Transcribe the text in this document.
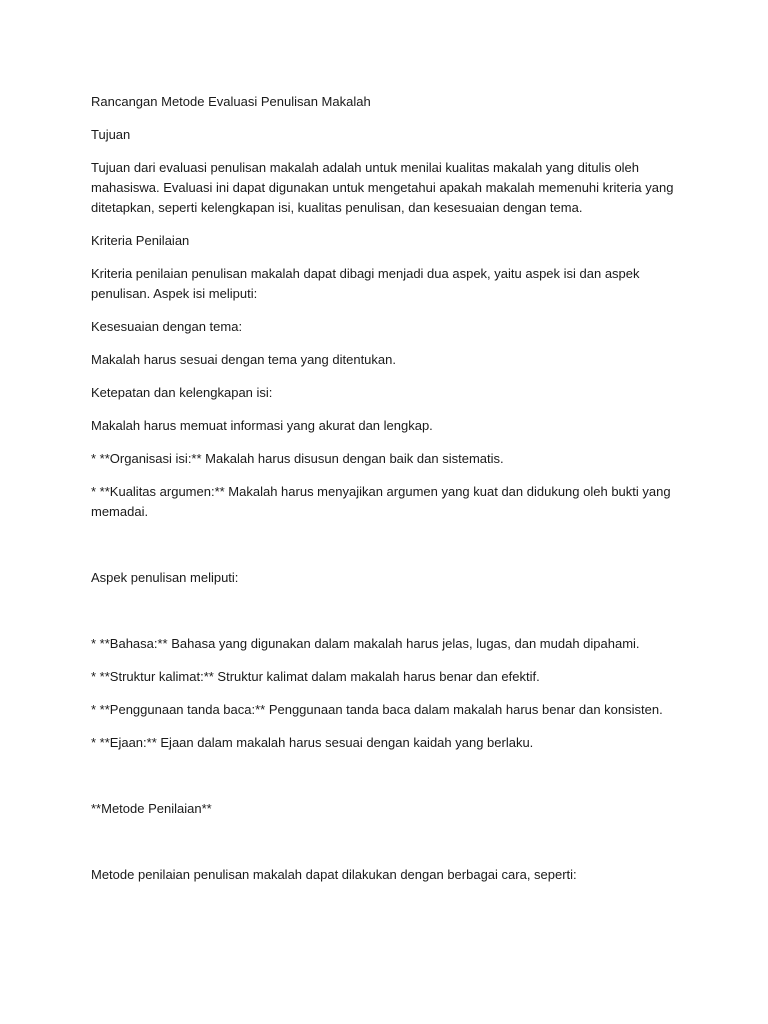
Rancangan Metode Evaluasi Penulisan Makalah

Tujuan

Tujuan dari evaluasi penulisan makalah adalah untuk menilai kualitas makalah yang ditulis oleh mahasiswa. Evaluasi ini dapat digunakan untuk mengetahui apakah makalah memenuhi kriteria yang ditetapkan, seperti kelengkapan isi, kualitas penulisan, dan kesesuaian dengan tema.

Kriteria Penilaian

Kriteria penilaian penulisan makalah dapat dibagi menjadi dua aspek, yaitu aspek isi dan aspek penulisan. Aspek isi meliputi:

Kesesuaian dengan tema:

Makalah harus sesuai dengan tema yang ditentukan.

Ketepatan dan kelengkapan isi:

Makalah harus memuat informasi yang akurat dan lengkap.

* **Organisasi isi:** Makalah harus disusun dengan baik dan sistematis.

* **Kualitas argumen:** Makalah harus menyajikan argumen yang kuat dan didukung oleh bukti yang memadai.

Aspek penulisan meliputi:

* **Bahasa:** Bahasa yang digunakan dalam makalah harus jelas, lugas, dan mudah dipahami.

* **Struktur kalimat:** Struktur kalimat dalam makalah harus benar dan efektif.

* **Penggunaan tanda baca:** Penggunaan tanda baca dalam makalah harus benar dan konsisten.

* **Ejaan:** Ejaan dalam makalah harus sesuai dengan kaidah yang berlaku.

**Metode Penilaian**

Metode penilaian penulisan makalah dapat dilakukan dengan berbagai cara, seperti:
